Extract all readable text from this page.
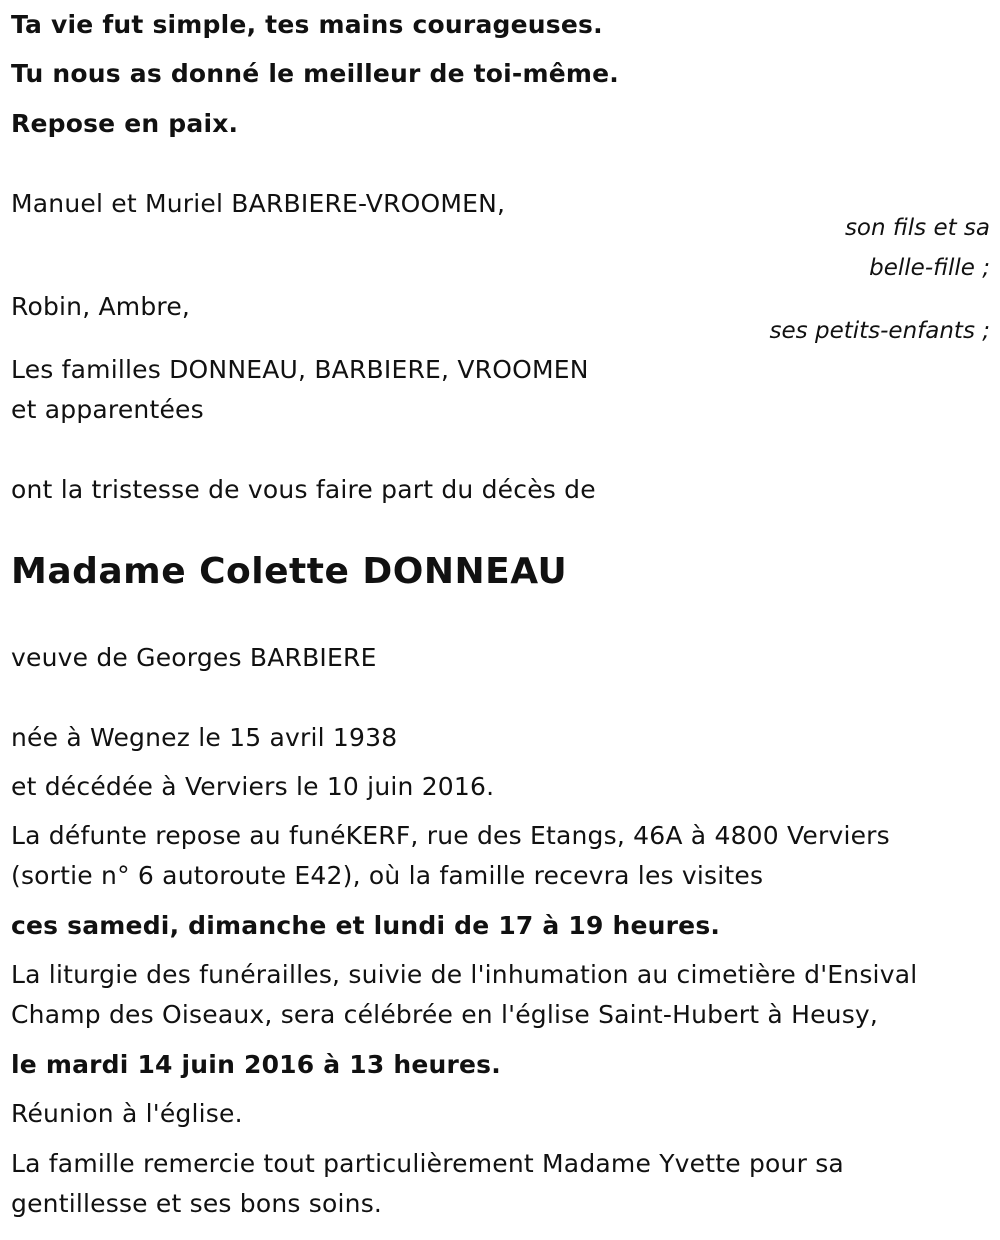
Ta vie fut simple, tes mains courageuses.
Tu nous as donné le meilleur de toi-même.
Repose en paix.
Manuel et Muriel BARBIERE-VROOMEN,
son fils et sa
belle-fille ;
Robin, Ambre,
ses petits-enfants ;
Les familles DONNEAU, BARBIERE, VROOMEN
et apparentées
ont la tristesse de vous faire part du décès de
Madame Colette DONNEAU
veuve de Georges BARBIERE
née à Wegnez le 15 avril 1938
et décédée à Verviers le 10 juin 2016.
La défunte repose au funéKERF, rue des Etangs, 46A à 4800 Verviers
(sortie n° 6 autoroute E42), où la famille recevra les visites
ces samedi, dimanche et lundi de 17 à 19 heures.
La liturgie des funérailles, suivie de l'inhumation au cimetière d'Ensival
Champ des Oiseaux, sera célébrée en l'église Saint-Hubert à Heusy,
le mardi 14 juin 2016 à 13 heures.
Réunion à l'église.
La famille remercie tout particulièrement Madame Yvette pour sa
gentillesse et ses bons soins.
